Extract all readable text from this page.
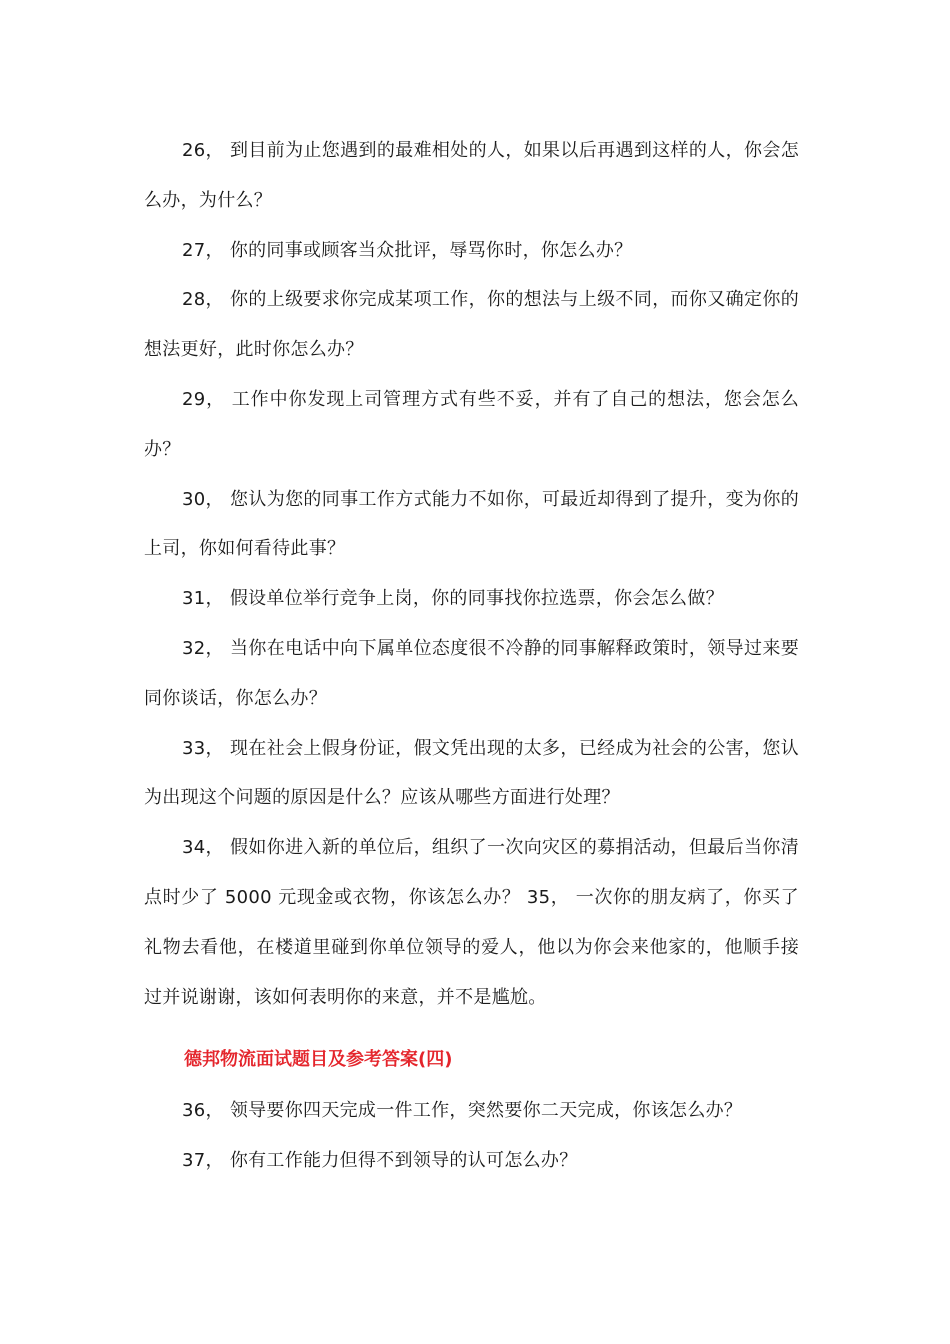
26， 到目前为止您遇到的最难相处的人，如果以后再遇到这样的人，你会怎么办，为什么？

27， 你的同事或顾客当众批评，辱骂你时，你怎么办？

28， 你的上级要求你完成某项工作，你的想法与上级不同，而你又确定你的想法更好，此时你怎么办？

29， 工作中你发现上司管理方式有些不妥，并有了自己的想法，您会怎么办？

30， 您认为您的同事工作方式能力不如你，可最近却得到了提升，变为你的上司，你如何看待此事？

31， 假设单位举行竞争上岗，你的同事找你拉选票，你会怎么做？

32， 当你在电话中向下属单位态度很不冷静的同事解释政策时，领导过来要同你谈话，你怎么办？

33， 现在社会上假身份证，假文凭出现的太多，已经成为社会的公害，您认为出现这个问题的原因是什么？应该从哪些方面进行处理？

34， 假如你进入新的单位后，组织了一次向灾区的募捐活动，但最后当你清点时少了 5000 元现金或衣物，你该怎么办？ 35， 一次你的朋友病了，你买了礼物去看他，在楼道里碰到你单位领导的爱人，他以为你会来他家的，他顺手接过并说谢谢，该如何表明你的来意，并不是尴尬。

德邦物流面试题目及参考答案(四)

36， 领导要你四天完成一件工作，突然要你二天完成，你该怎么办？

37， 你有工作能力但得不到领导的认可怎么办？
